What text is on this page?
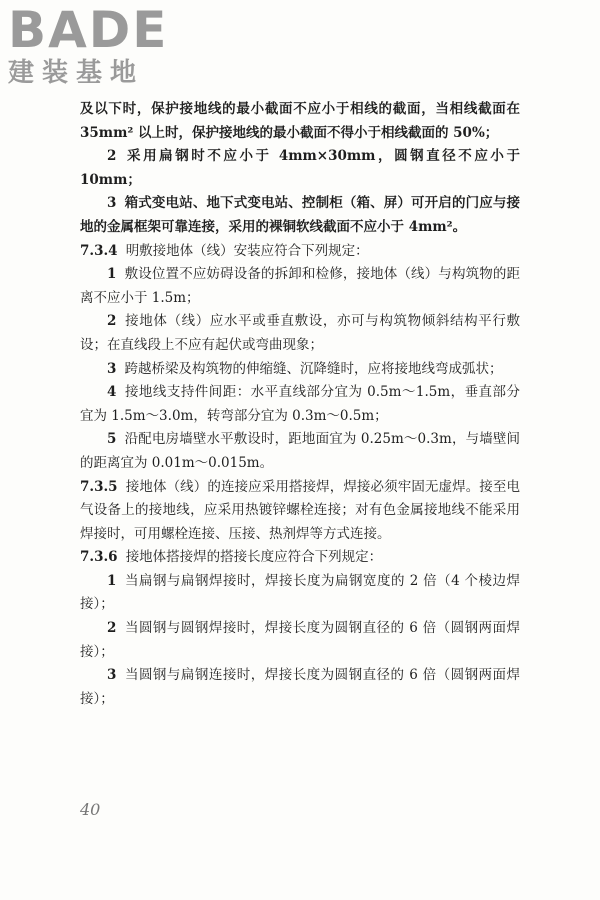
BADE
建装基地

及以下时，保护接地线的最小截面不应小于相线的截面，当相线截面在 35mm² 以上时，保护接地线的最小截面不得小于相线截面的 50%；

2 采用扁钢时不应小于 4mm×30mm，圆钢直径不应小于 10mm；

3 箱式变电站、地下式变电站、控制柜（箱、屏）可开启的门应与接地的金属框架可靠连接，采用的裸铜软线截面不应小于 4mm²。

7.3.4 明敷接地体（线）安装应符合下列规定：

1 敷设位置不应妨碍设备的拆卸和检修，接地体（线）与构筑物的距离不应小于 1.5m；

2 接地体（线）应水平或垂直敷设，亦可与构筑物倾斜结构平行敷设；在直线段上不应有起伏或弯曲现象；

3 跨越桥梁及构筑物的伸缩缝、沉降缝时，应将接地线弯成弧状；

4 接地线支持件间距：水平直线部分宜为 0.5m～1.5m，垂直部分宜为 1.5m～3.0m，转弯部分宜为 0.3m～0.5m；

5 沿配电房墙壁水平敷设时，距地面宜为 0.25m～0.3m，与墙壁间的距离宜为 0.01m～0.015m。

7.3.5 接地体（线）的连接应采用搭接焊，焊接必须牢固无虚焊。接至电气设备上的接地线，应采用热镀锌螺栓连接；对有色金属接地线不能采用焊接时，可用螺栓连接、压接、热剂焊等方式连接。

7.3.6 接地体搭接焊的搭接长度应符合下列规定：

1 当扁钢与扁钢焊接时，焊接长度为扁钢宽度的 2 倍（4 个棱边焊接）；

2 当圆钢与圆钢焊接时，焊接长度为圆钢直径的 6 倍（圆钢两面焊接）；

3 当圆钢与扁钢连接时，焊接长度为圆钢直径的 6 倍（圆钢两面焊接）；

40
